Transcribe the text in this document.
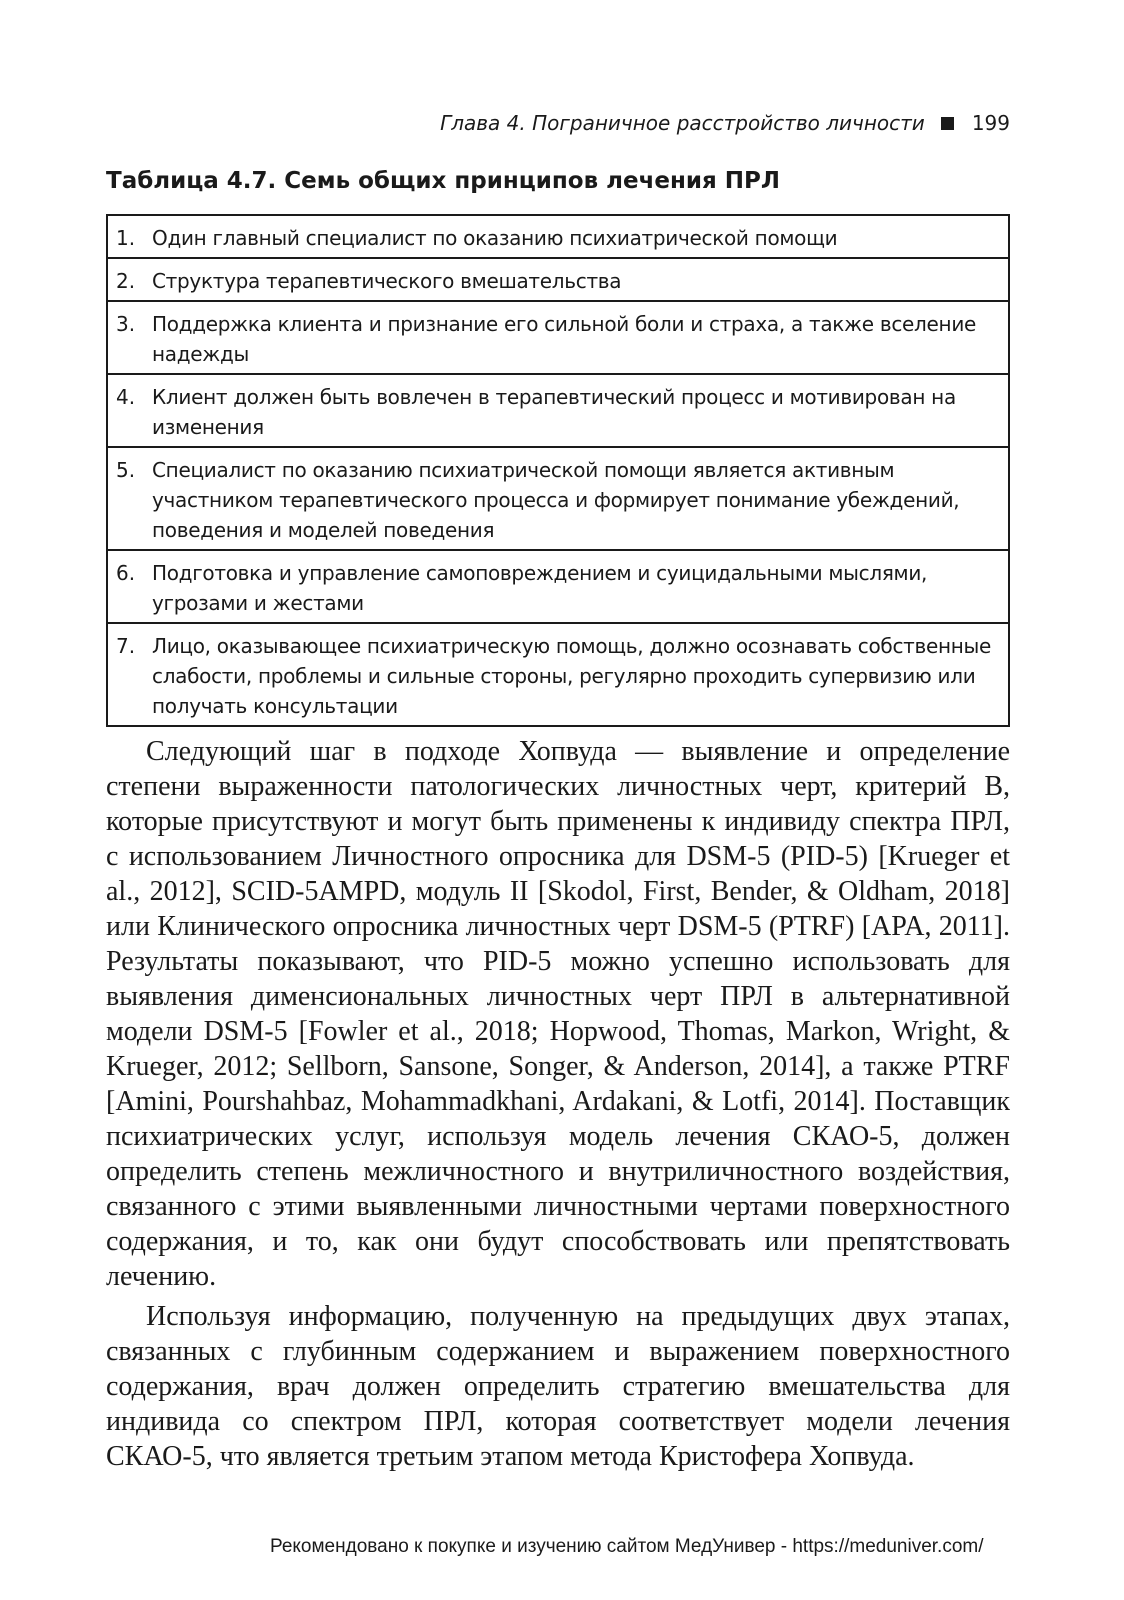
Глава 4. Пограничное расстройство личности 199
Таблица 4.7. Семь общих принципов лечения ПРЛ
1. Один главный специалист по оказанию психиатрической помощи
2. Структура терапевтического вмешательства
3. Поддержка клиента и признание его сильной боли и страха, а также вселение надежды
4. Клиент должен быть вовлечен в терапевтический процесс и мотивирован на изменения
5. Специалист по оказанию психиатрической помощи является активным участником терапевтического процесса и формирует понимание убеждений, поведения и моделей поведения
6. Подготовка и управление самоповреждением и суицидальными мыслями, угрозами и жестами
7. Лицо, оказывающее психиатрическую помощь, должно осознавать собственные слабости, проблемы и сильные стороны, регулярно проходить супервизию или получать консультации

Следующий шаг в подходе Хопвуда — выявление и определение степени выраженности патологических личностных черт, критерий B, которые присутствуют и могут быть применены к индивиду спектра ПРЛ, с использованием Личностного опросника для DSM-5 (PID-5) [Krueger et al., 2012], SCID-5AMPD, модуль II [Skodol, First, Bender, & Oldham, 2018] или Клинического опросника личностных черт DSM-5 (PTRF) [APA, 2011]. Результаты показывают, что PID-5 можно успешно использовать для выявления дименсиональных личностных черт ПРЛ в альтернативной модели DSM-5 [Fowler et al., 2018; Hopwood, Thomas, Markon, Wright, & Krueger, 2012; Sellborn, Sansone, Songer, & Anderson, 2014], а также PTRF [Amini, Pourshahbaz, Mohammadkhani, Ardakani, & Lotfi, 2014]. Поставщик психиатрических услуг, используя модель лечения СКАО-5, должен определить степень межличностного и внутриличностного воздействия, связанного с этими выявленными личностными чертами поверхностного содержания, и то, как они будут способствовать или препятствовать лечению.

Используя информацию, полученную на предыдущих двух этапах, связанных с глубинным содержанием и выражением поверхностного содержания, врач должен определить стратегию вмешательства для индивида со спектром ПРЛ, которая соответствует модели лечения СКАО-5, что является третьим этапом метода Кристофера Хопвуда.

Рекомендовано к покупке и изучению сайтом МедУнивер - https://meduniver.com/
